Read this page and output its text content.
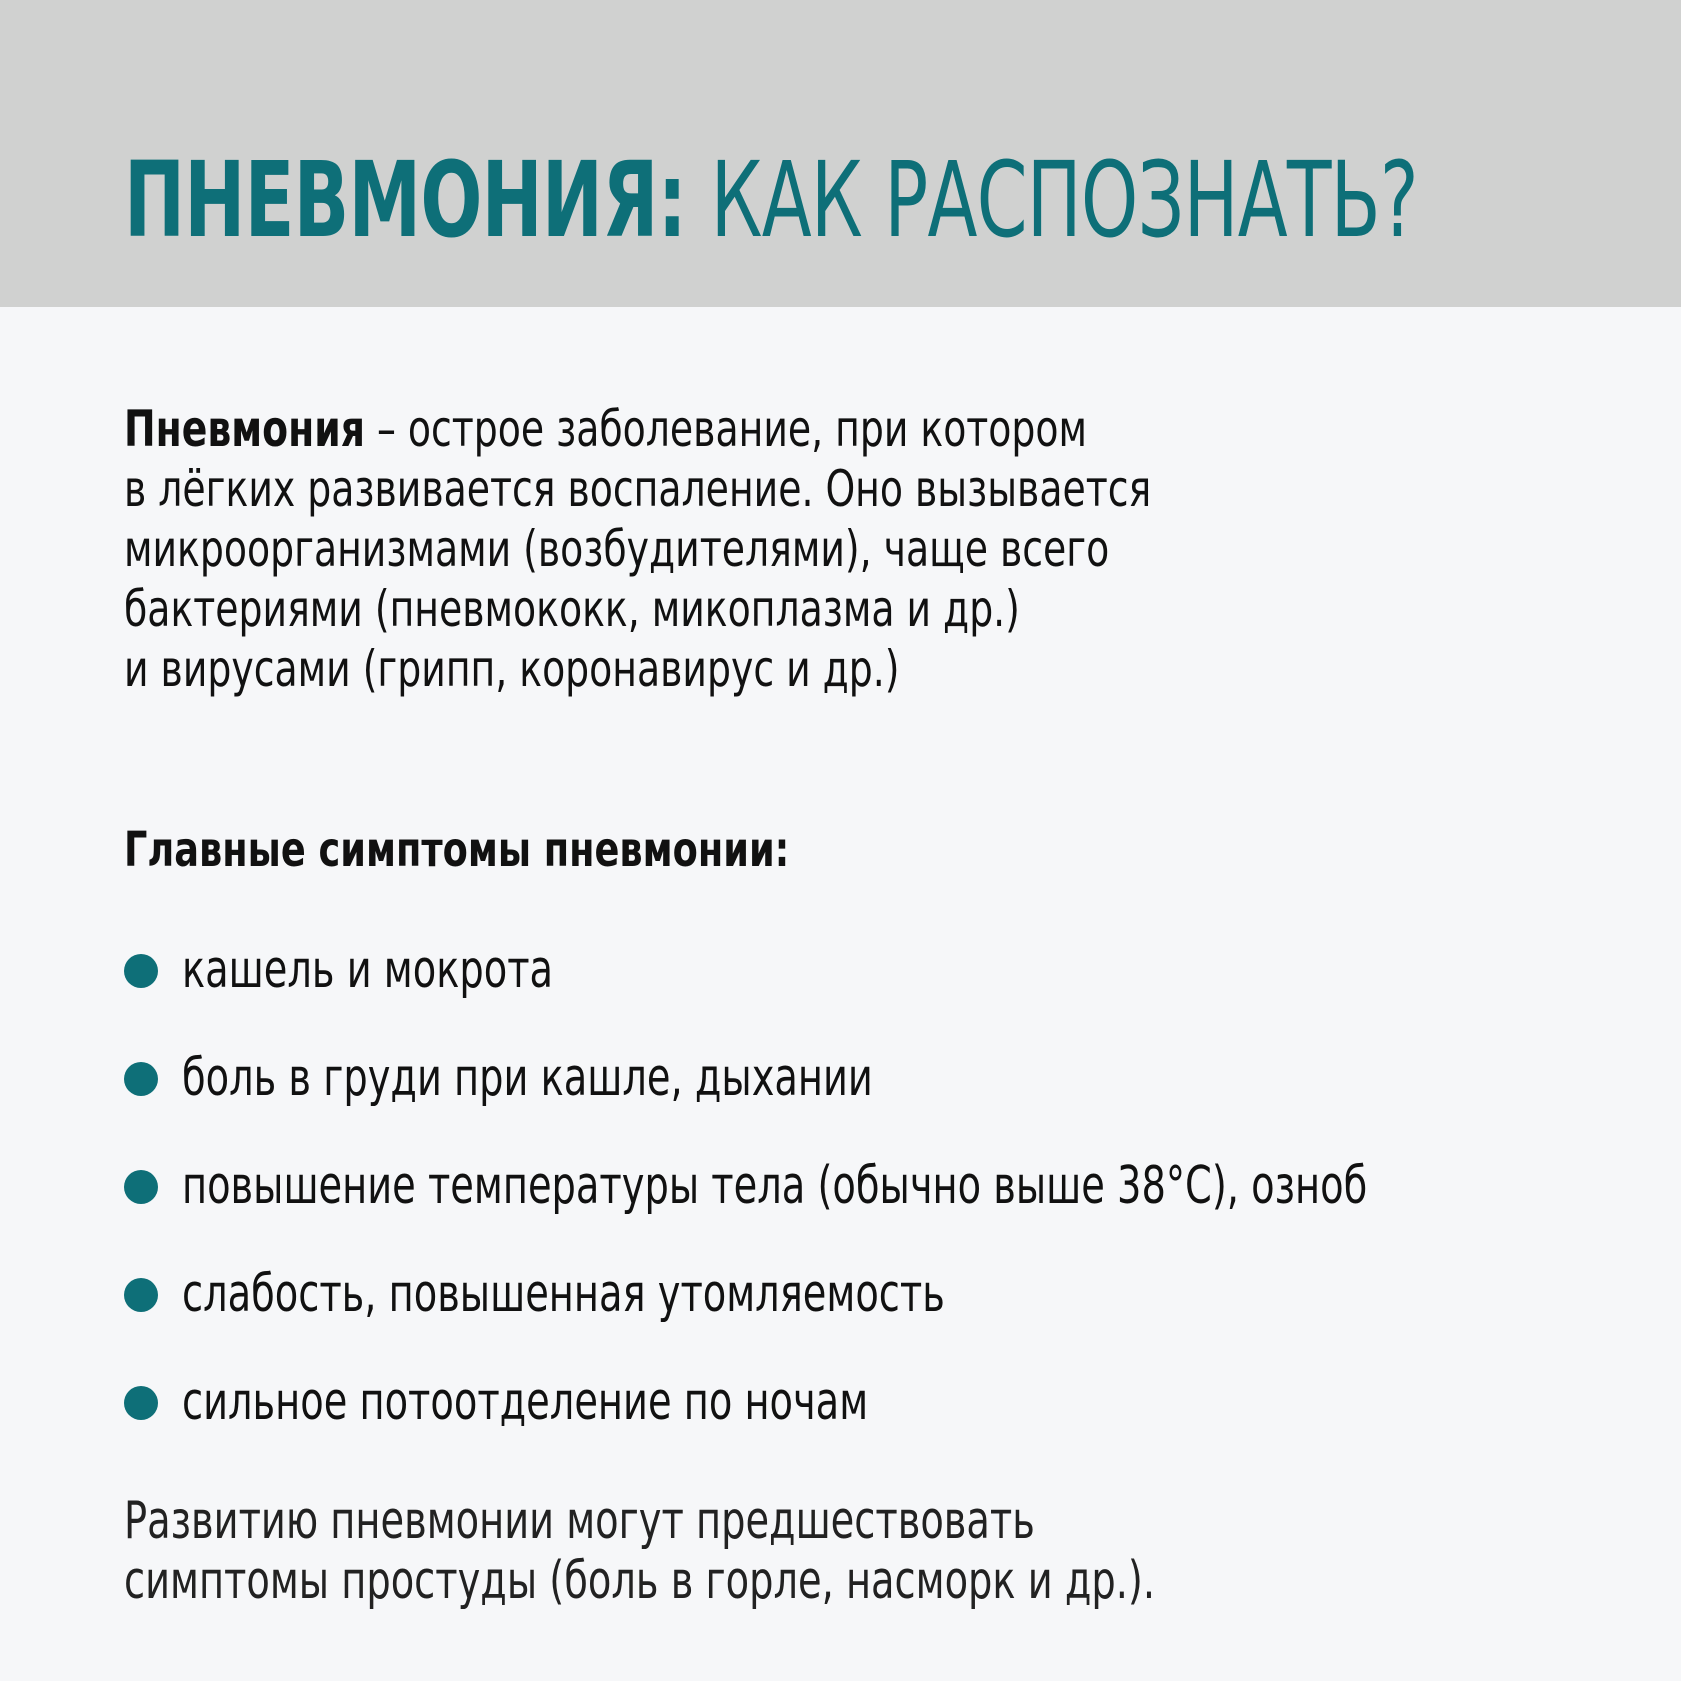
ПНЕВМОНИЯ: КАК РАСПОЗНАТЬ?

Пневмония – острое заболевание, при котором
в лёгких развивается воспаление. Оно вызывается
микроорганизмами (возбудителями), чаще всего
бактериями (пневмококк, микоплазма и др.)
и вирусами (грипп, коронавирус и др.)

Главные симптомы пневмонии:
кашель и мокрота
боль в груди при кашле, дыхании
повышение температуры тела (обычно выше 38°С), озноб
слабость, повышенная утомляемость
сильное потоотделение по ночам

Развитию пневмонии могут предшествовать
симптомы простуды (боль в горле, насморк и др.).
